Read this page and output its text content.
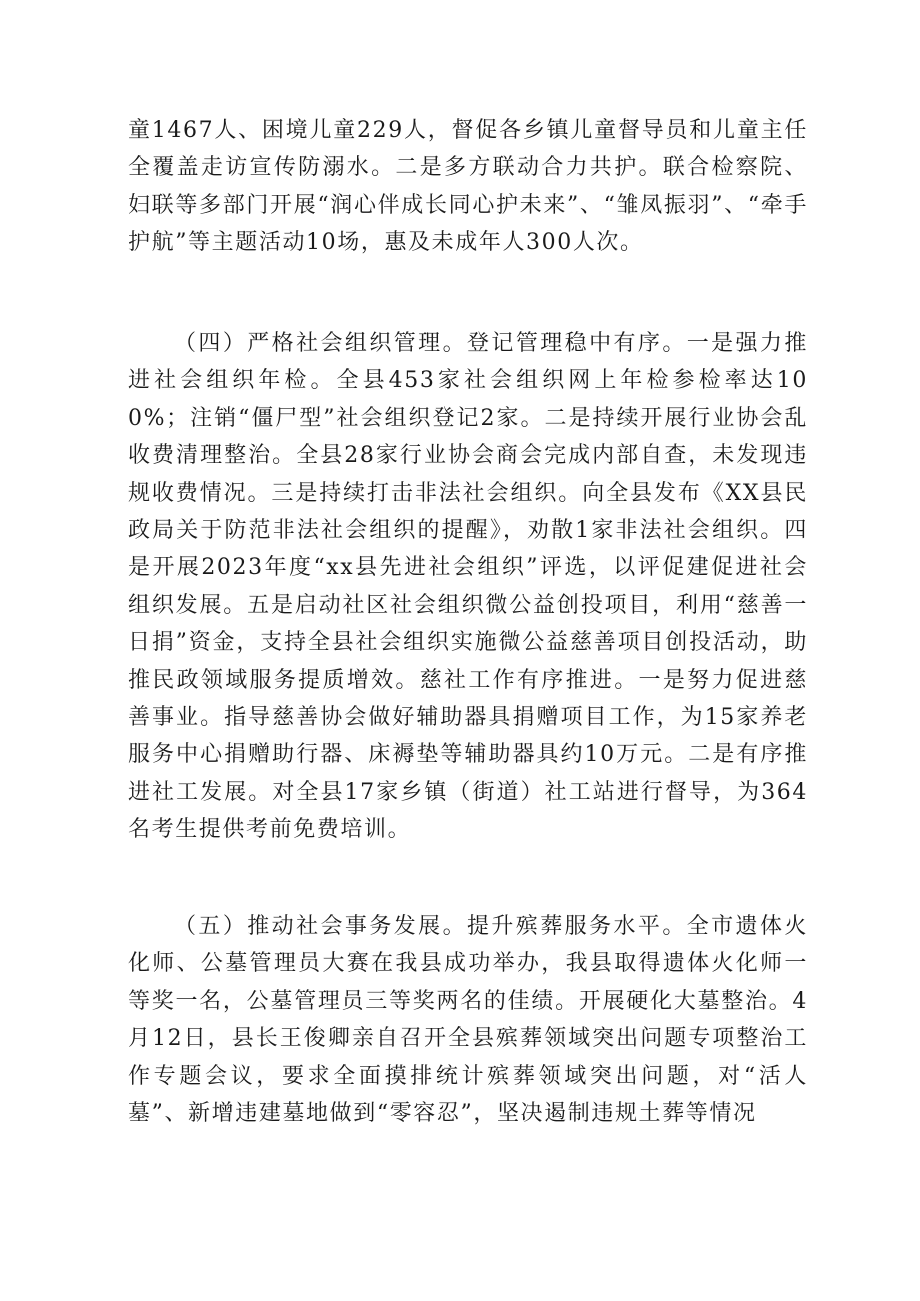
童1467人、困境儿童229人，督促各乡镇儿童督导员和儿童主任全覆盖走访宣传防溺水。二是多方联动合力共护。联合检察院、妇联等多部门开展“润心伴成长同心护未来”、“雏凤振羽”、“牵手护航”等主题活动10场，惠及未成年人300人次。

（四）严格社会组织管理。登记管理稳中有序。一是强力推进社会组织年检。全县453家社会组织网上年检参检率达100%；注销“僵尸型”社会组织登记2家。二是持续开展行业协会乱收费清理整治。全县28家行业协会商会完成内部自查，未发现违规收费情况。三是持续打击非法社会组织。向全县发布《XX县民政局关于防范非法社会组织的提醒》，劝散1家非法社会组织。四是开展2023年度“xx县先进社会组织”评选，以评促建促进社会组织发展。五是启动社区社会组织微公益创投项目，利用“慈善一日捐”资金，支持全县社会组织实施微公益慈善项目创投活动，助推民政领域服务提质增效。慈社工作有序推进。一是努力促进慈善事业。指导慈善协会做好辅助器具捐赠项目工作，为15家养老服务中心捐赠助行器、床褥垫等辅助器具约10万元。二是有序推进社工发展。对全县17家乡镇（街道）社工站进行督导，为364名考生提供考前免费培训。

（五）推动社会事务发展。提升殡葬服务水平。全市遗体火化师、公墓管理员大赛在我县成功举办，我县取得遗体火化师一等奖一名，公墓管理员三等奖两名的佳绩。开展硬化大墓整治。4月12日，县长王俊卿亲自召开全县殡葬领域突出问题专项整治工作专题会议，要求全面摸排统计殡葬领域突出问题，对“活人墓”、新增违建墓地做到“零容忍”，坚决遏制违规土葬等情况
